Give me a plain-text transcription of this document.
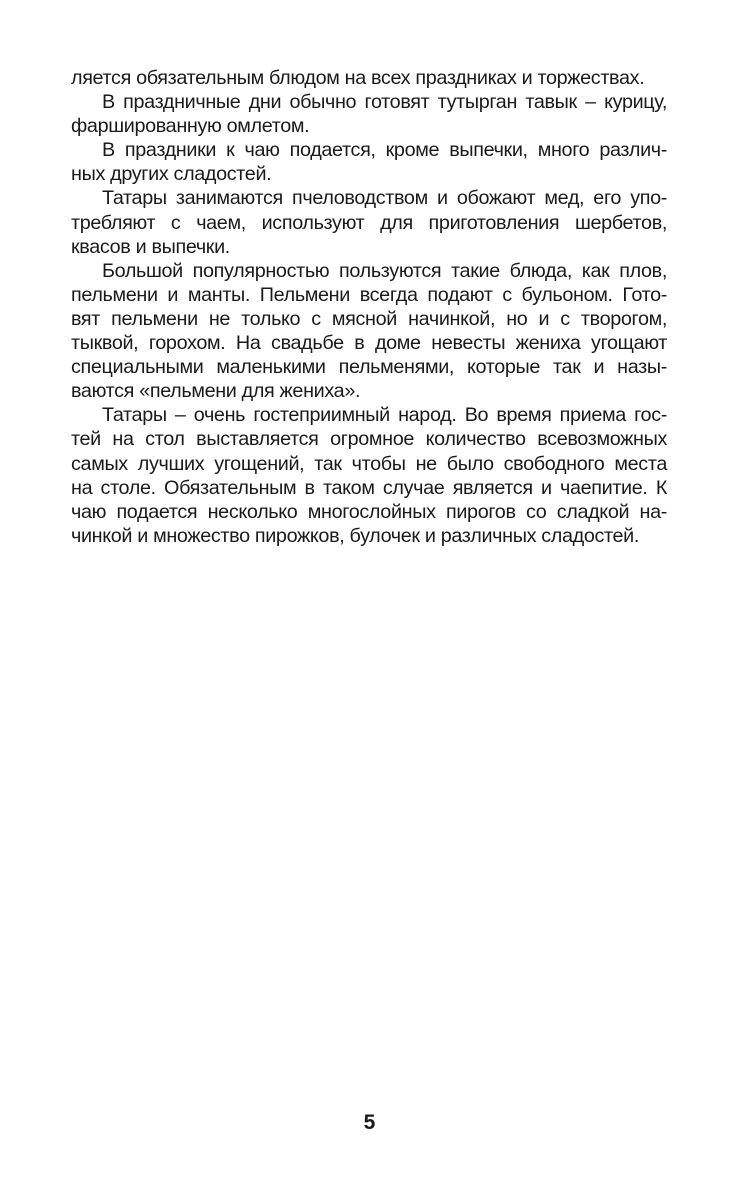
ляется обязательным блюдом на всех праздниках и торжествах.
В праздничные дни обычно готовят тутырган тавык – курицу,
фаршированную омлетом.
В праздники к чаю подается, кроме выпечки, много различ-
ных других сладостей.
Татары занимаются пчеловодством и обожают мед, его упо-
требляют с чаем, используют для приготовления шербетов,
квасов и выпечки.
Большой популярностью пользуются такие блюда, как плов,
пельмени и манты. Пельмени всегда подают с бульоном. Гото-
вят пельмени не только с мясной начинкой, но и с творогом,
тыквой, горохом. На свадьбе в доме невесты жениха угощают
специальными маленькими пельменями, которые так и назы-
ваются «пельмени для жениха».
Татары – очень гостеприимный народ. Во время приема гос-
тей на стол выставляется огромное количество всевозможных
самых лучших угощений, так чтобы не было свободного места
на столе. Обязательным в таком случае является и чаепитие. К
чаю подается несколько многослойных пирогов со сладкой на-
чинкой и множество пирожков, булочек и различных сладостей.
5
